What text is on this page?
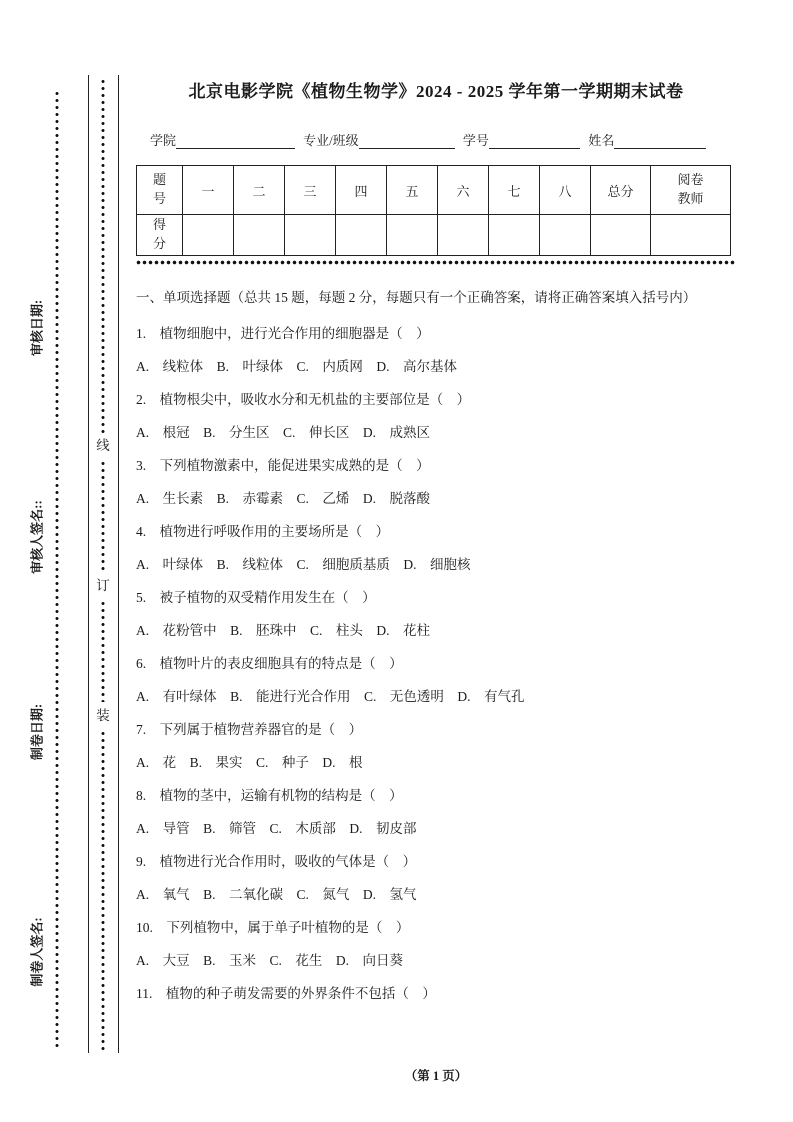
审核日期:
审核人签名::
制卷日期:
制卷人签名:
线
订
装
北京电影学院《植物生物学》2024 - 2025 学年第一学期期末试卷
学院	专业/班级	学号	姓名
题号	一	二	三	四	五	六	七	八	总分	阅卷教师
得分										

一、单项选择题（总共 15 题，每题 2 分，每题只有一个正确答案，请将正确答案填入括号内）

1.　植物细胞中，进行光合作用的细胞器是（　）

A.　线粒体　B.　叶绿体　C.　内质网　D.　高尔基体

2.　植物根尖中，吸收水分和无机盐的主要部位是（　）

A.　根冠　B.　分生区　C.　伸长区　D.　成熟区

3.　下列植物激素中，能促进果实成熟的是（　）

A.　生长素　B.　赤霉素　C.　乙烯　D.　脱落酸

4.　植物进行呼吸作用的主要场所是（　）

A.　叶绿体　B.　线粒体　C.　细胞质基质　D.　细胞核

5.　被子植物的双受精作用发生在（　）

A.　花粉管中　B.　胚珠中　C.　柱头　D.　花柱

6.　植物叶片的表皮细胞具有的特点是（　）

A.　有叶绿体　B.　能进行光合作用　C.　无色透明　D.　有气孔

7.　下列属于植物营养器官的是（　）

A.　花　B.　果实　C.　种子　D.　根

8.　植物的茎中，运输有机物的结构是（　）

A.　导管　B.　筛管　C.　木质部　D.　韧皮部

9.　植物进行光合作用时，吸收的气体是（　）

A.　氧气　B.　二氧化碳　C.　氮气　D.　氢气

10.　下列植物中，属于单子叶植物的是（　）

A.　大豆　B.　玉米　C.　花生　D.　向日葵

11.　植物的种子萌发需要的外界条件不包括（　）

（第 1 页）
